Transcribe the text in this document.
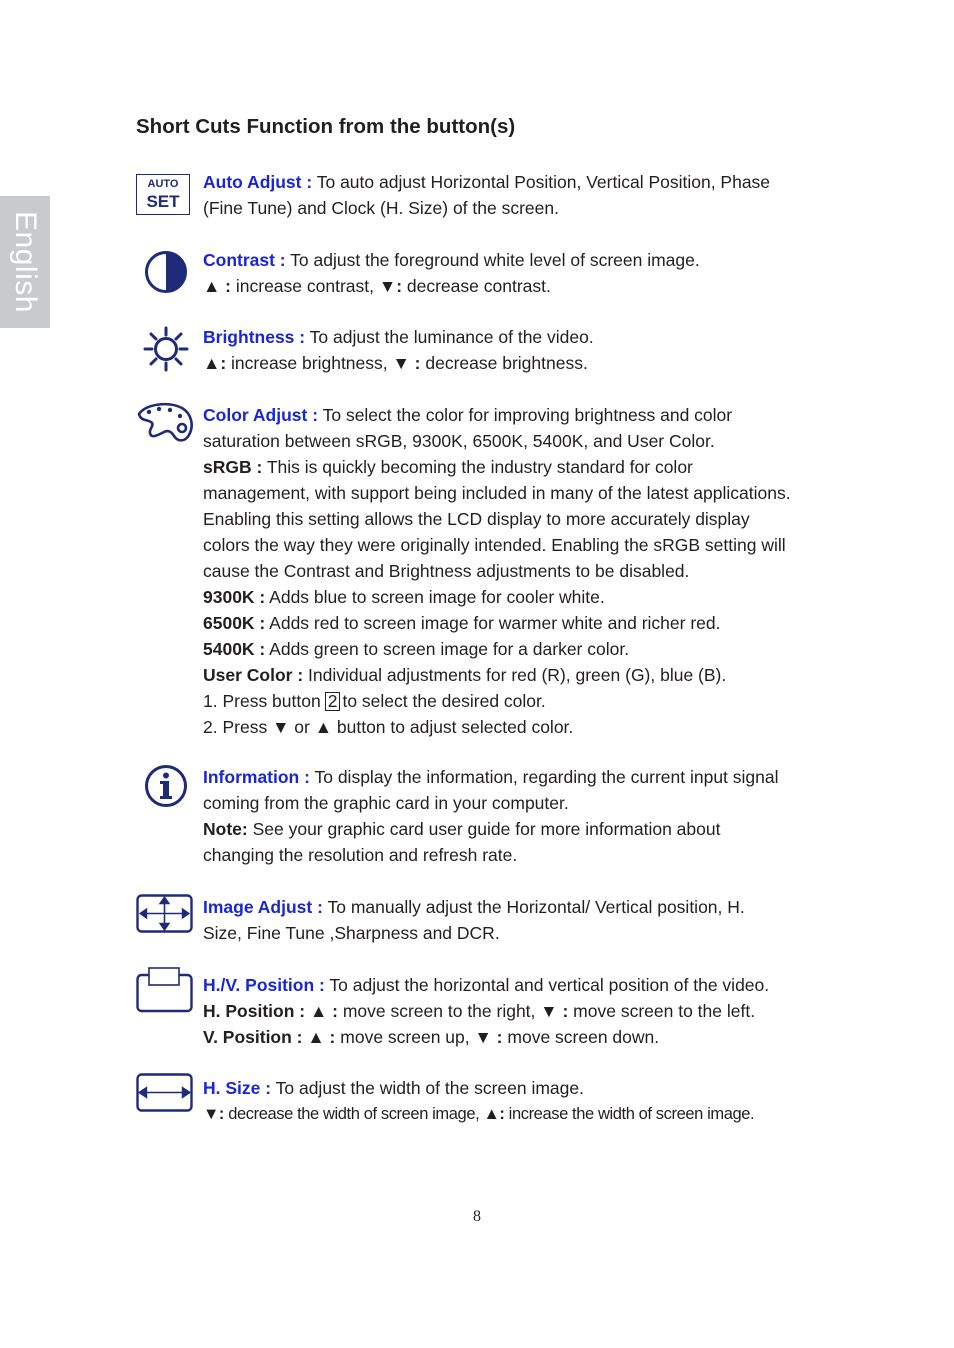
English
Short Cuts Function from the button(s)
AUTO
SET

Auto Adjust : To auto adjust Horizontal Position, Vertical Position, Phase

(Fine Tune) and Clock (H. Size) of the screen.

Contrast : To adjust the foreground white level of screen image.

▲ : increase contrast, ▼: decrease contrast.

Brightness : To adjust the luminance of the video.

▲: increase brightness, ▼ : decrease brightness.

Color Adjust : To select the color for improving brightness and color

saturation between sRGB, 9300K, 6500K, 5400K, and User Color.

sRGB : This is quickly becoming the industry standard for color

management, with support being included in many of the latest applications.

Enabling this setting allows the LCD display to more accurately display

colors the way they were originally intended. Enabling the sRGB setting will

cause the Contrast and Brightness adjustments to be disabled.

9300K : Adds blue to screen image for cooler white.

6500K : Adds red to screen image for warmer white and richer red.

5400K : Adds green to screen image for a darker color.

User Color : Individual adjustments for red (R), green (G), blue (B).

1. Press button 2 to select the desired color.

2. Press ▼ or ▲ button to adjust selected color.

Information : To display the information, regarding the current input signal

coming from the graphic card in your computer.

Note: See your graphic card user guide for more information about

changing the resolution and refresh rate.

Image Adjust : To manually adjust the Horizontal/ Vertical position, H.

Size, Fine Tune ,Sharpness and DCR.

H./V. Position : To adjust the horizontal and vertical position of the video.

H. Position : ▲ : move screen to the right, ▼ : move screen to the left.

V. Position : ▲ : move screen up, ▼ : move screen down.

H. Size : To adjust the width of the screen image.

▼: decrease the width of screen image, ▲: increase the width of screen image.

8
